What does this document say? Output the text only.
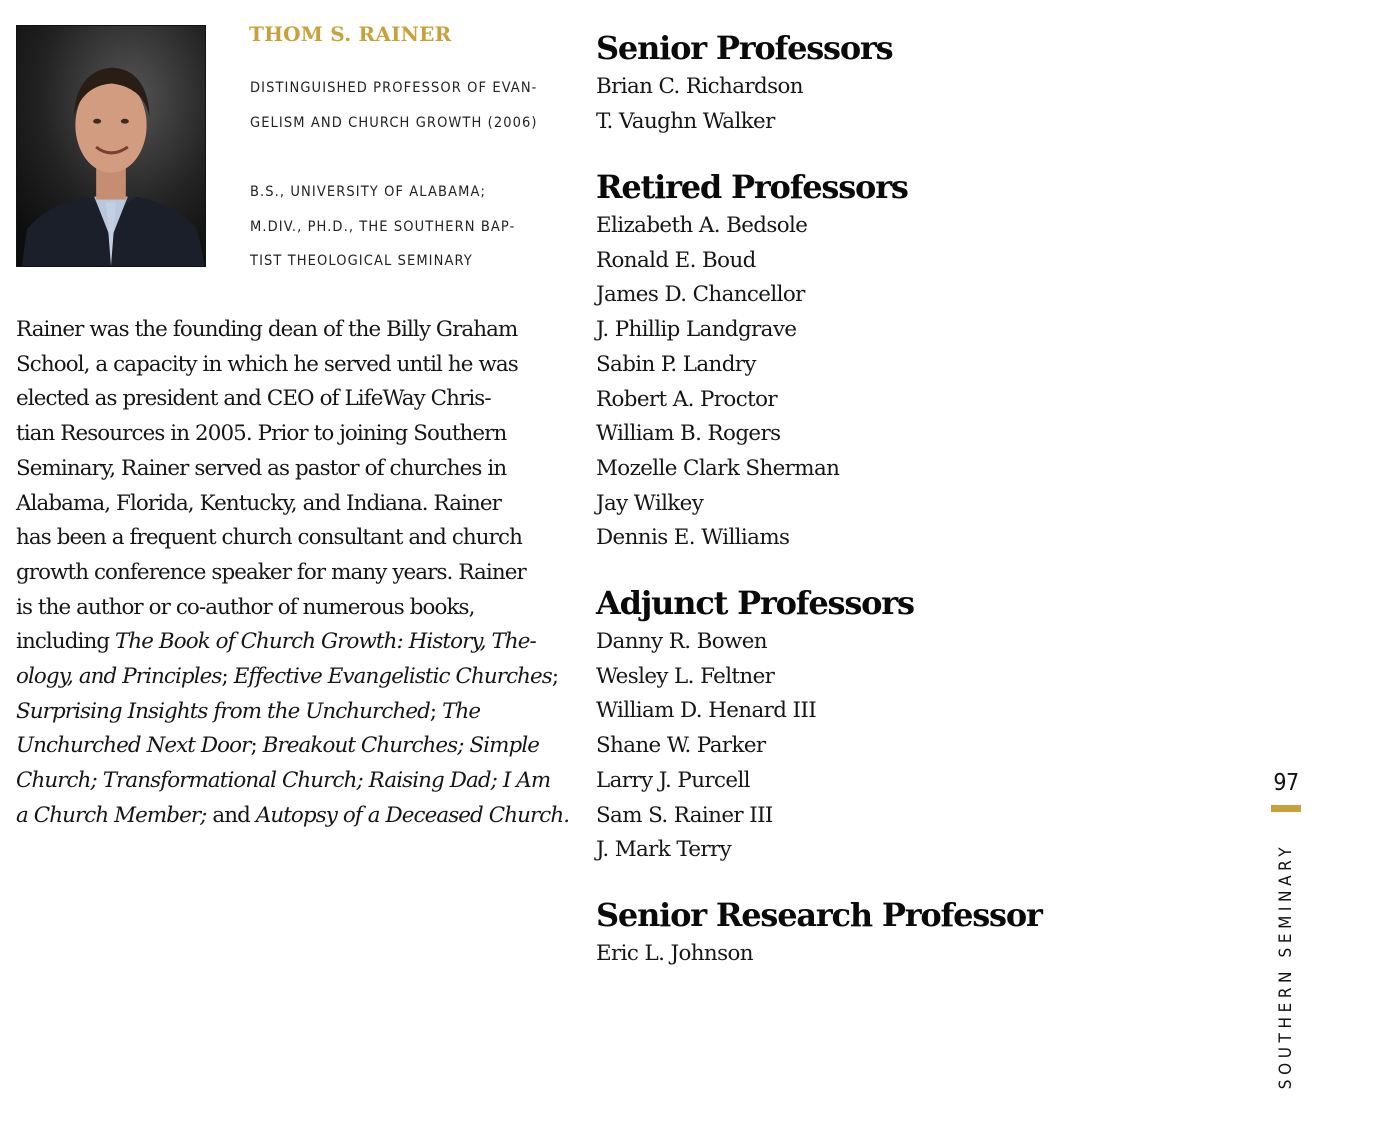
THOM S. RAINER

DISTINGUISHED PROFESSOR OF EVAN-
GELISM AND CHURCH GROWTH (2006)

B.S., UNIVERSITY OF ALABAMA;
M.DIV., PH.D., THE SOUTHERN BAP-
TIST THEOLOGICAL SEMINARY

Rainer was the founding dean of the Billy Graham
School, a capacity in which he served until he was
elected as president and CEO of LifeWay Chris-
tian Resources in 2005. Prior to joining Southern
Seminary, Rainer served as pastor of churches in
Alabama, Florida, Kentucky, and Indiana. Rainer
has been a frequent church consultant and church
growth conference speaker for many years. Rainer
is the author or co-author of numerous books,
including The Book of Church Growth: History, The-
ology, and Principles; Effective Evangelistic Churches;
Surprising Insights from the Unchurched; The
Unchurched Next Door; Breakout Churches; Simple
Church; Transformational Church; Raising Dad; I Am
a Church Member; and Autopsy of a Deceased Church.

Senior Professors
Brian C. Richardson
T. Vaughn Walker
Retired Professors
Elizabeth A. Bedsole
Ronald E. Boud
James D. Chancellor
J. Phillip Landgrave
Sabin P. Landry
Robert A. Proctor
William B. Rogers
Mozelle Clark Sherman
Jay Wilkey
Dennis E. Williams
Adjunct Professors
Danny R. Bowen
Wesley L. Feltner
William D. Henard III
Shane W. Parker
Larry J. Purcell
Sam S. Rainer III
J. Mark Terry
Senior Research Professor
Eric L. Johnson
97
SOUTHERN SEMINARY
